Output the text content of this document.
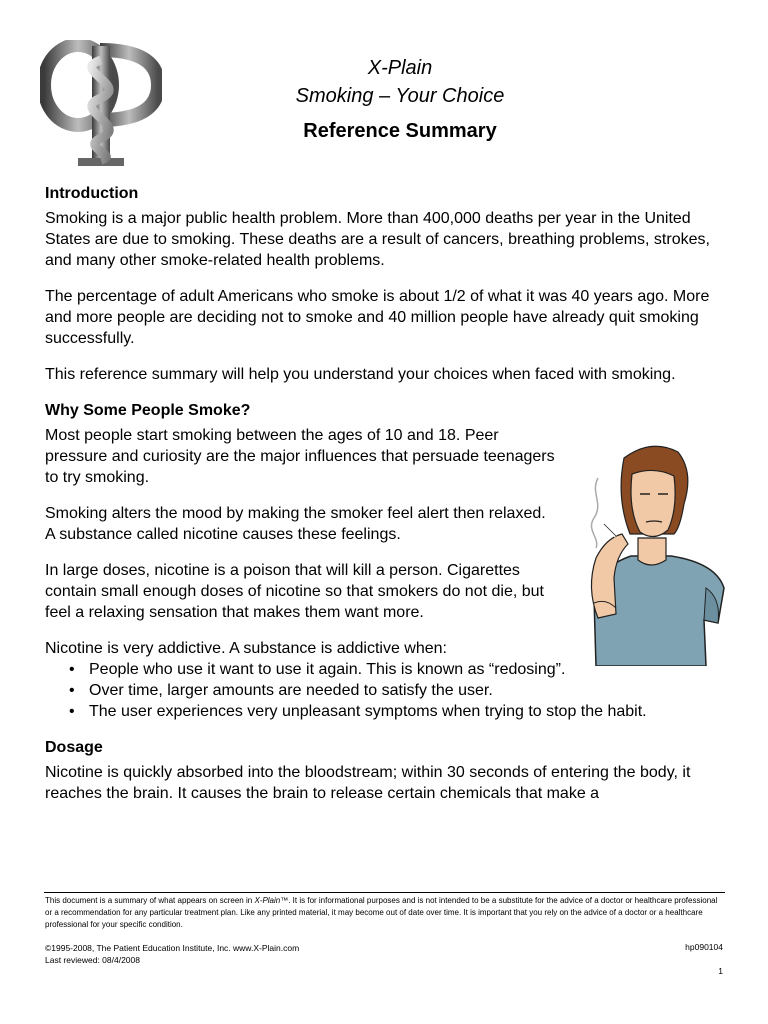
X-Plain
Smoking – Your Choice
Reference Summary
Introduction

Smoking is a major public health problem. More than 400,000 deaths per year in the United States are due to smoking. These deaths are a result of cancers, breathing problems, strokes, and many other smoke-related health problems.

The percentage of adult Americans who smoke is about 1/2 of what it was 40 years ago. More and more people are deciding not to smoke and 40 million people have already quit smoking successfully.

This reference summary will help you understand your choices when faced with smoking.

Why Some People Smoke?

Most people start smoking between the ages of 10 and 18. Peer pressure and curiosity are the major influences that persuade teenagers to try smoking.

Smoking alters the mood by making the smoker feel alert then relaxed. A substance called nicotine causes these feelings.

In large doses, nicotine is a poison that will kill a person. Cigarettes contain small enough doses of nicotine so that smokers do not die, but feel a relaxing sensation that makes them want more.

Nicotine is very addictive. A substance is addictive when:
• People who use it want to use it again. This is known as “redosing”.
• Over time, larger amounts are needed to satisfy the user.
• The user experiences very unpleasant symptoms when trying to stop the habit.
Dosage

Nicotine is quickly absorbed into the bloodstream; within 30 seconds of entering the body, it reaches the brain. It causes the brain to release certain chemicals that make a

This document is a summary of what appears on screen in X-Plain™. It is for informational purposes and is not intended to be a substitute for the advice of a doctor or healthcare professional or a recommendation for any particular treatment plan. Like any printed material, it may become out of date over time. It is important that you rely on the advice of a doctor or a healthcare professional for your specific condition.
©1995-2008, The Patient Education Institute, Inc. www.X-Plain.com
Last reviewed: 08/4/2008
hp090104
1
